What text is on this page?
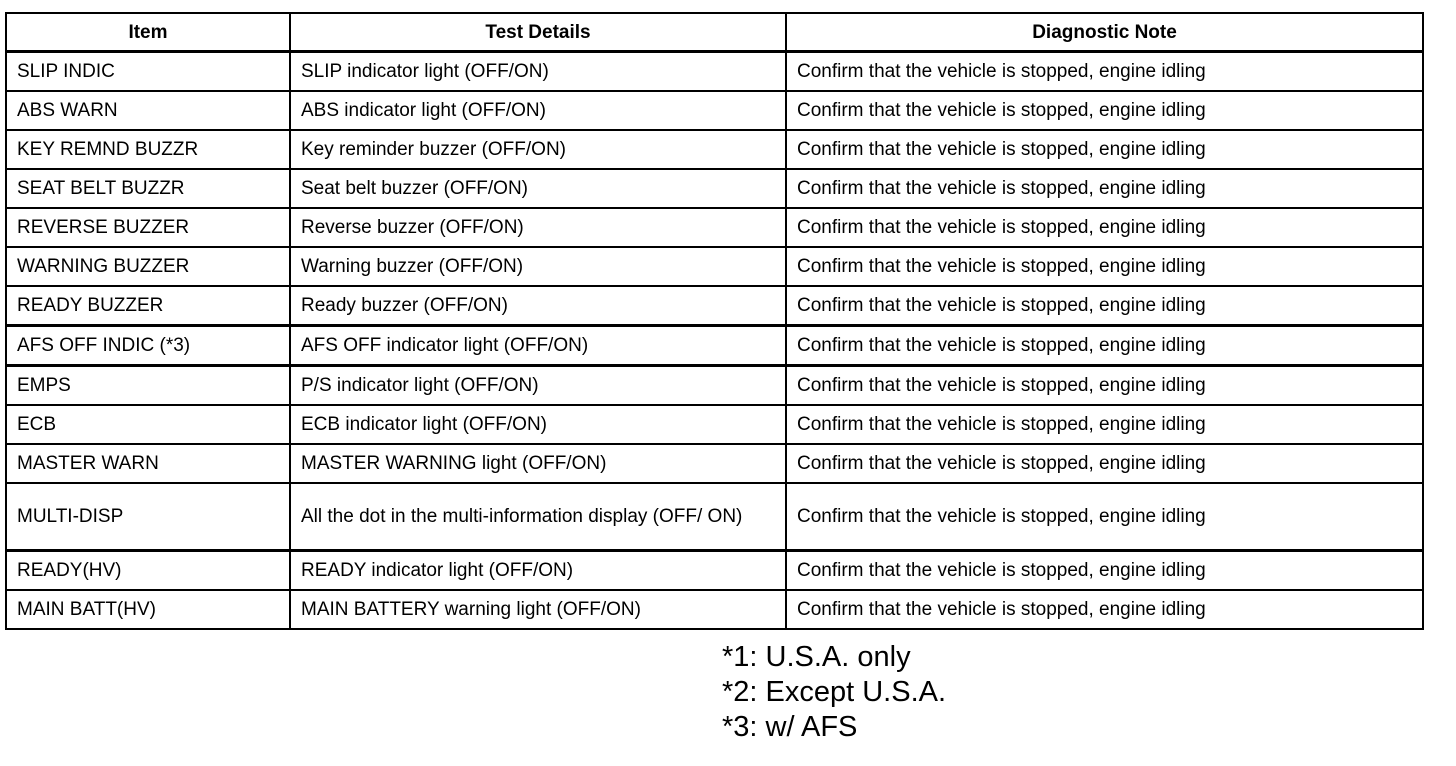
Item	Test Details	Diagnostic Note
SLIP INDIC	SLIP indicator light (OFF/ON)	Confirm that the vehicle is stopped, engine idling
ABS WARN	ABS indicator light (OFF/ON)	Confirm that the vehicle is stopped, engine idling
KEY REMND BUZZR	Key reminder buzzer (OFF/ON)	Confirm that the vehicle is stopped, engine idling
SEAT BELT BUZZR	Seat belt buzzer (OFF/ON)	Confirm that the vehicle is stopped, engine idling
REVERSE BUZZER	Reverse buzzer (OFF/ON)	Confirm that the vehicle is stopped, engine idling
WARNING BUZZER	Warning buzzer (OFF/ON)	Confirm that the vehicle is stopped, engine idling
READY BUZZER	Ready buzzer (OFF/ON)	Confirm that the vehicle is stopped, engine idling
AFS OFF INDIC (*3)	AFS OFF indicator light (OFF/ON)	Confirm that the vehicle is stopped, engine idling
EMPS	P/S indicator light (OFF/ON)	Confirm that the vehicle is stopped, engine idling
ECB	ECB indicator light (OFF/ON)	Confirm that the vehicle is stopped, engine idling
MASTER WARN	MASTER WARNING light (OFF/ON)	Confirm that the vehicle is stopped, engine idling
MULTI-DISP	All the dot in the multi-information display (OFF/ ON)	Confirm that the vehicle is stopped, engine idling
READY(HV)	READY indicator light (OFF/ON)	Confirm that the vehicle is stopped, engine idling
MAIN BATT(HV)	MAIN BATTERY warning light (OFF/ON)	Confirm that the vehicle is stopped, engine idling
*1: U.S.A. only
*2: Except U.S.A.
*3: w/ AFS
